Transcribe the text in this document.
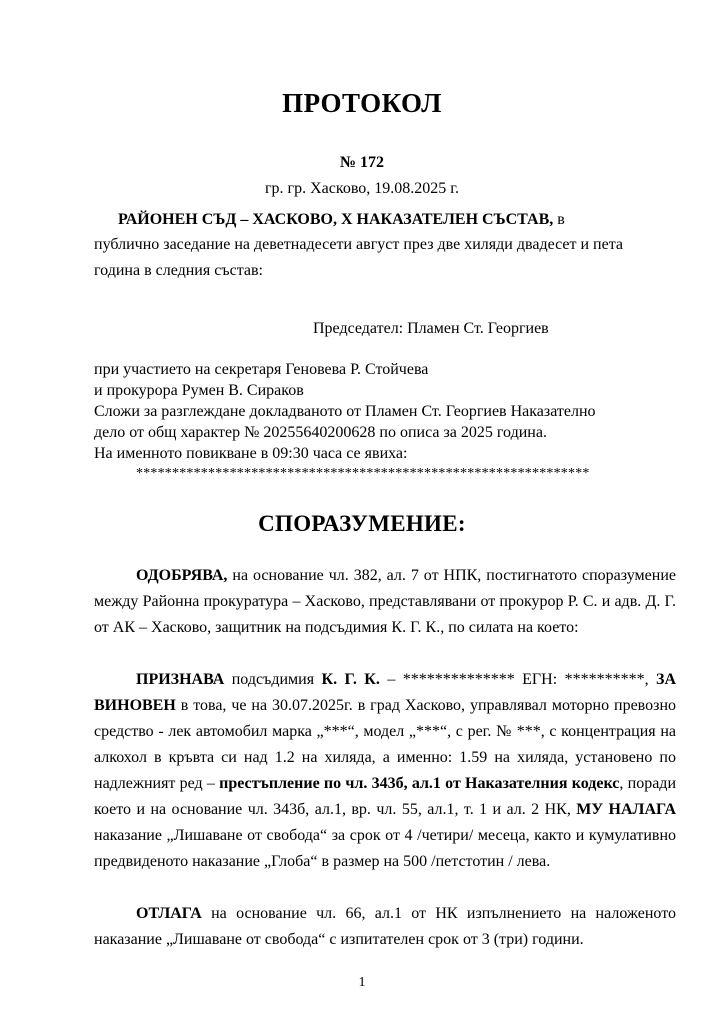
ПРОТОКОЛ
№ 172
гр. гр. Хасково, 19.08.2025 г.
РАЙОНЕН СЪД – ХАСКОВО, Х НАКАЗАТЕЛЕН СЪСТАВ, в
публично заседание на деветнадесети август през две хиляди двадесет и пета
година в следния състав:
Председател: Пламен Ст. Георгиев
при участието на секретаря Геновева Р. Стойчева
и прокурора Румен В. Сираков
Сложи за разглеждане докладваното от Пламен Ст. Георгиев Наказателно
дело от общ характер № 20255640200628 по описа за 2025 година.
На именното повикване в 09:30 часа се явиха:
***************************************************************
СПОРАЗУМЕНИЕ:
ОДОБРЯВА, на основание чл. 382, ал. 7 от НПК, постигнатото споразумение между Районна прокуратура – Хасково, представлявани от прокурор Р. С. и адв. Д. Г. от АК – Хасково, защитник на подсъдимия К. Г. К., по силата на което:
ПРИЗНАВА подсъдимия К. Г. К. – ************** ЕГН: **********, ЗА ВИНОВЕН в това, че на 30.07.2025г. в град Хасково, управлявал моторно превозно средство - лек автомобил марка „***“, модел „***“, с рег. № ***, с концентрация на алкохол в кръвта си над 1.2 на хиляда, а именно: 1.59 на хиляда, установено по надлежният ред – престъпление по чл. 343б, ал.1 от Наказателния кодекс, поради което и на основание чл. 343б, ал.1, вр. чл. 55, ал.1, т. 1 и ал. 2 НК, МУ НАЛАГА наказание „Лишаване от свобода“ за срок от 4 /четири/ месеца, както и кумулативно предвиденото наказание „Глоба“ в размер на 500 /петстотин / лева.
ОТЛАГА на основание чл. 66, ал.1 от НК изпълнението на наложеното наказание „Лишаване от свобода“ с изпитателен срок от 3 (три) години.
1
